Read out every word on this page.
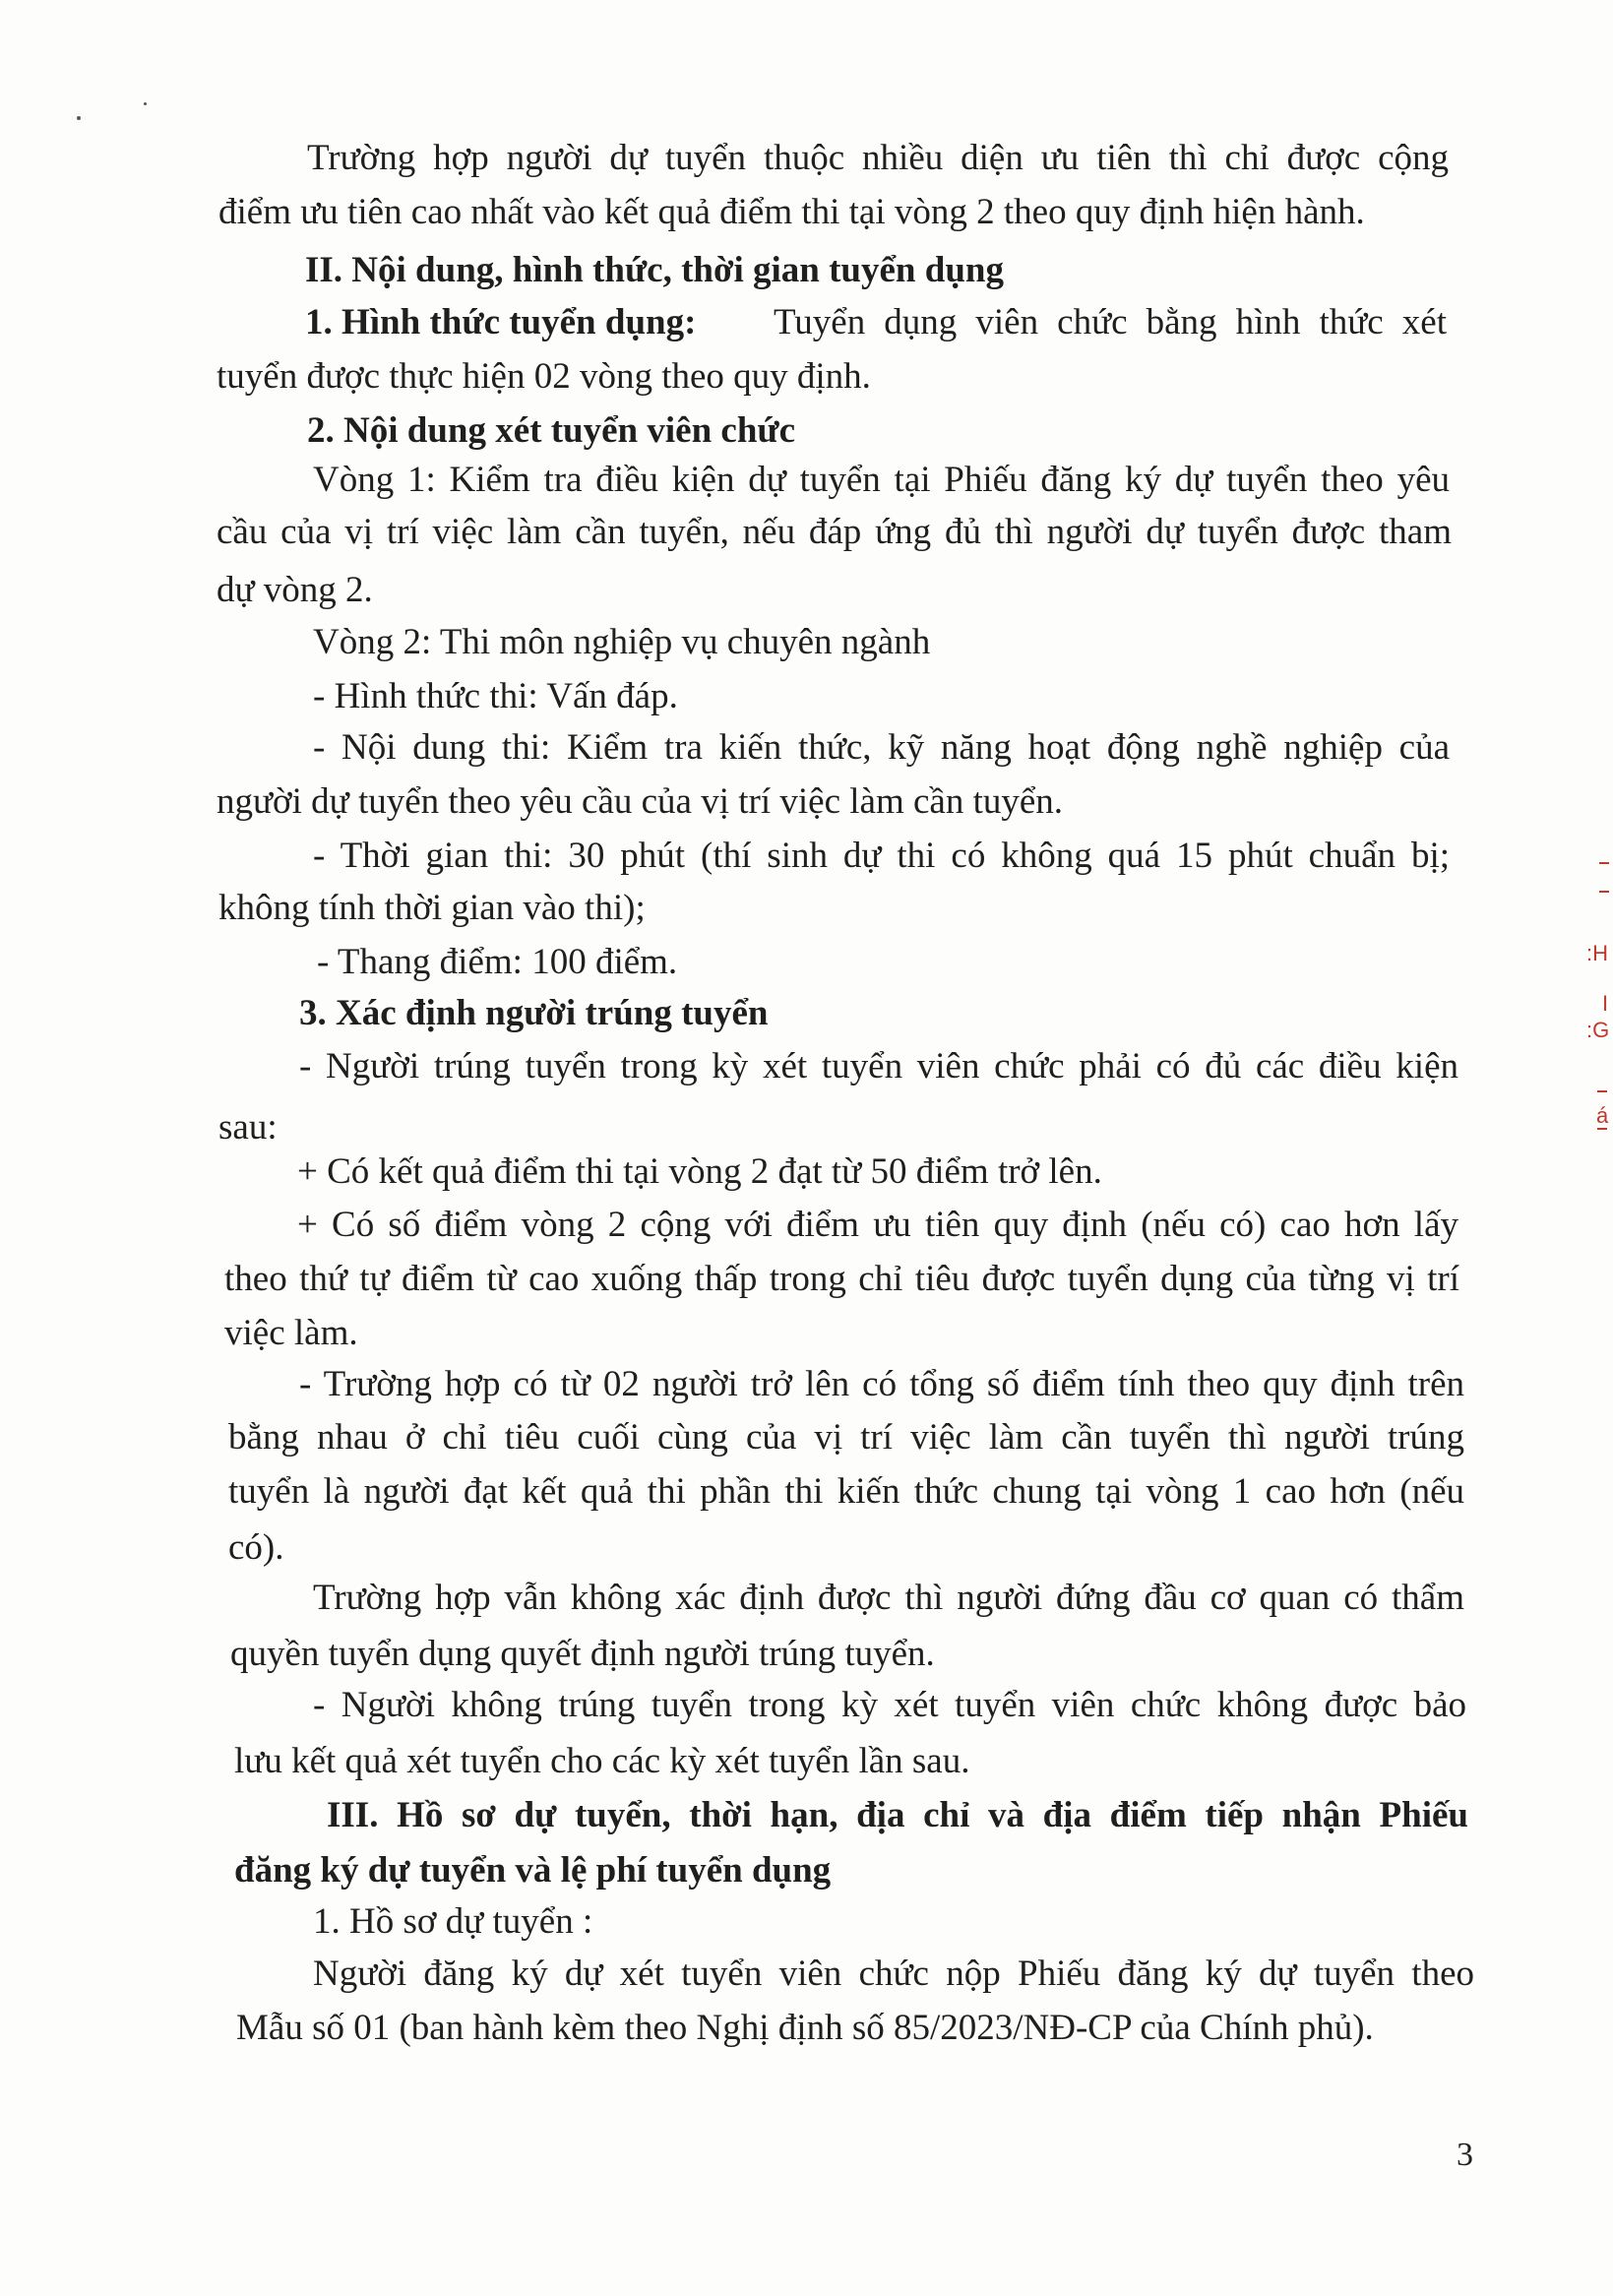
Trường hợp người dự tuyển thuộc nhiều diện ưu tiên thì chỉ được cộng
điểm ưu tiên cao nhất vào kết quả điểm thi tại vòng 2 theo quy định hiện hành.
II. Nội dung, hình thức, thời gian tuyển dụng
1. Hình thức tuyển dụng: Tuyển dụng viên chức bằng hình thức xét
tuyển được thực hiện 02 vòng theo quy định.
2. Nội dung xét tuyển viên chức
Vòng 1: Kiểm tra điều kiện dự tuyển tại Phiếu đăng ký dự tuyển theo yêu
cầu của vị trí việc làm cần tuyển, nếu đáp ứng đủ thì người dự tuyển được tham
dự vòng 2.
Vòng 2: Thi môn nghiệp vụ chuyên ngành
- Hình thức thi: Vấn đáp.
- Nội dung thi: Kiểm tra kiến thức, kỹ năng hoạt động nghề nghiệp của
người dự tuyển theo yêu cầu của vị trí việc làm cần tuyển.
- Thời gian thi: 30 phút (thí sinh dự thi có không quá 15 phút chuẩn bị;
không tính thời gian vào thi);
- Thang điểm: 100 điểm.
3. Xác định người trúng tuyển
- Người trúng tuyển trong kỳ xét tuyển viên chức phải có đủ các điều kiện
sau:
+ Có kết quả điểm thi tại vòng 2 đạt từ 50 điểm trở lên.
+ Có số điểm vòng 2 cộng với điểm ưu tiên quy định (nếu có) cao hơn lấy
theo thứ tự điểm từ cao xuống thấp trong chỉ tiêu được tuyển dụng của từng vị trí
việc làm.
- Trường hợp có từ 02 người trở lên có tổng số điểm tính theo quy định trên
bằng nhau ở chỉ tiêu cuối cùng của vị trí việc làm cần tuyển thì người trúng
tuyển là người đạt kết quả thi phần thi kiến thức chung tại vòng 1 cao hơn (nếu
có).
Trường hợp vẫn không xác định được thì người đứng đầu cơ quan có thẩm
quyền tuyển dụng quyết định người trúng tuyển.
- Người không trúng tuyển trong kỳ xét tuyển viên chức không được bảo
lưu kết quả xét tuyển cho các kỳ xét tuyển lần sau.
III. Hồ sơ dự tuyển, thời hạn, địa chỉ và địa điểm tiếp nhận Phiếu
đăng ký dự tuyển và lệ phí tuyển dụng
1. Hồ sơ dự tuyển :
Người đăng ký dự xét tuyển viên chức nộp Phiếu đăng ký dự tuyển theo
Mẫu số 01 (ban hành kèm theo Nghị định số 85/2023/NĐ-CP của Chính phủ).
3
:H
I
:G
á
